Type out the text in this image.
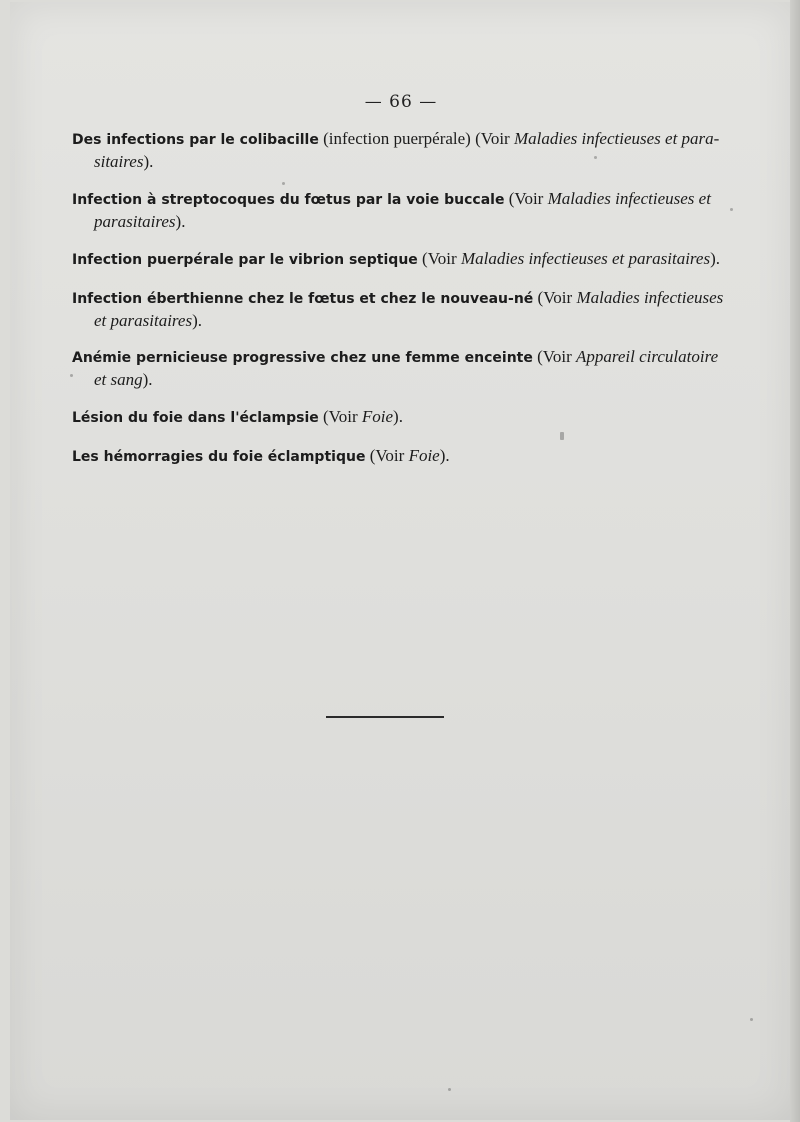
— 66 —
Des infections par le colibacille (infection puerpérale) (Voir Maladies infectieuses et para-sitaires).
Infection à streptocoques du fœtus par la voie buccale (Voir Maladies infectieuses et parasitaires).
Infection puerpérale par le vibrion septique (Voir Maladies infectieuses et parasitaires).
Infection éberthienne chez le fœtus et chez le nouveau-né (Voir Maladies infectieuses et parasitaires).
Anémie pernicieuse progressive chez une femme enceinte (Voir Appareil circulatoire et sang).
Lésion du foie dans l'éclampsie (Voir Foie).
Les hémorragies du foie éclamptique (Voir Foie).
